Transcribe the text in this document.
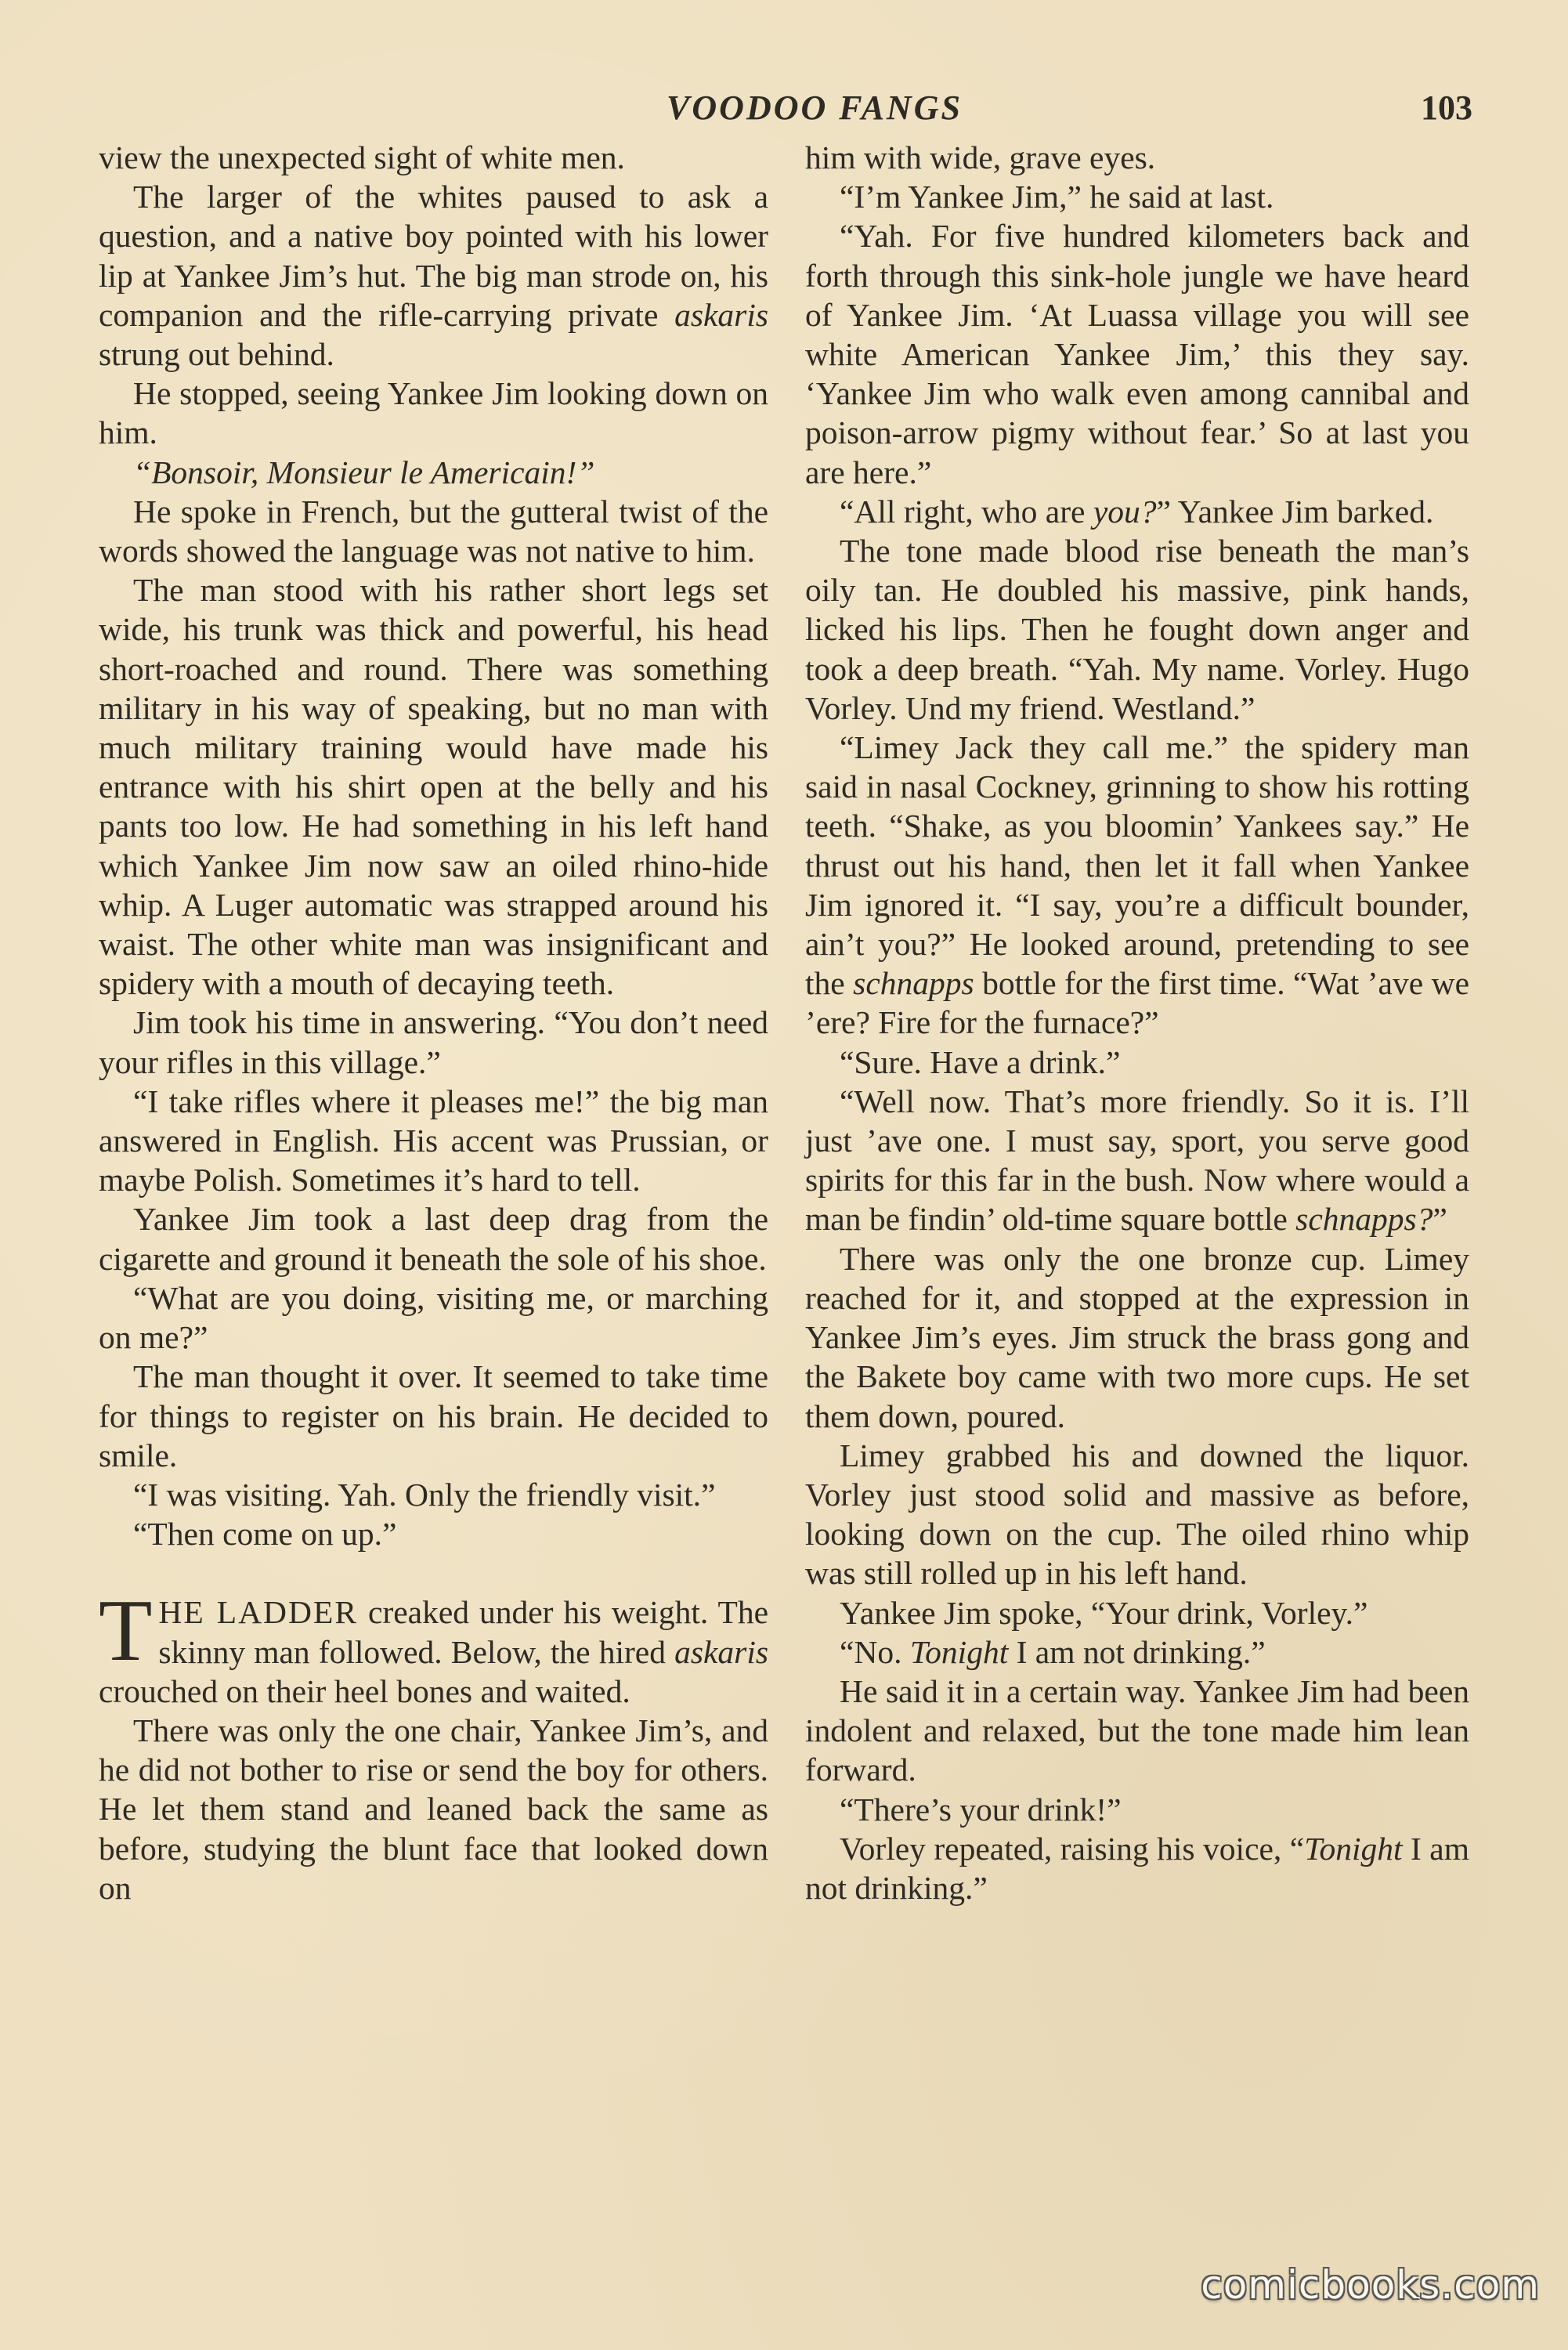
VOODOO FANGS	103

view the unexpected sight of white men.

The larger of the whites paused to ask a question, and a native boy pointed with his lower lip at Yankee Jim’s hut. The big man strode on, his companion and the rifle-carrying private askaris strung out behind.

He stopped, seeing Yankee Jim looking down on him.

“Bonsoir, Monsieur le Americain!”

He spoke in French, but the gutteral twist of the words showed the language was not native to him.

The man stood with his rather short legs set wide, his trunk was thick and powerful, his head short-roached and round. There was something military in his way of speaking, but no man with much military training would have made his entrance with his shirt open at the belly and his pants too low. He had something in his left hand which Yankee Jim now saw an oiled rhino-hide whip. A Luger automatic was strapped around his waist. The other white man was insignificant and spidery with a mouth of decaying teeth.

Jim took his time in answering. “You don’t need your rifles in this village.”

“I take rifles where it pleases me!” the big man answered in English. His accent was Prussian, or maybe Polish. Sometimes it’s hard to tell.

Yankee Jim took a last deep drag from the cigarette and ground it beneath the sole of his shoe.

“What are you doing, visiting me, or marching on me?”

The man thought it over. It seemed to take time for things to register on his brain. He decided to smile.

“I was visiting. Yah. Only the friendly visit.”

“Then come on up.”

THE LADDER creaked under his weight. The skinny man followed. Below, the hired askaris crouched on their heel bones and waited.

There was only the one chair, Yankee Jim’s, and he did not bother to rise or send the boy for others. He let them stand and leaned back the same as before, studying the blunt face that looked down on

him with wide, grave eyes.

“I’m Yankee Jim,” he said at last.

“Yah. For five hundred kilometers back and forth through this sink-hole jungle we have heard of Yankee Jim. ‘At Luassa village you will see white American Yankee Jim,’ this they say. ‘Yankee Jim who walk even among cannibal and poison-arrow pigmy without fear.’ So at last you are here.”

“All right, who are you?” Yankee Jim barked.

The tone made blood rise beneath the man’s oily tan. He doubled his massive, pink hands, licked his lips. Then he fought down anger and took a deep breath. “Yah. My name. Vorley. Hugo Vorley. Und my friend. Westland.”

“Limey Jack they call me.” the spidery man said in nasal Cockney, grinning to show his rotting teeth. “Shake, as you bloomin’ Yankees say.” He thrust out his hand, then let it fall when Yankee Jim ignored it. “I say, you’re a difficult bounder, ain’t you?” He looked around, pretending to see the schnapps bottle for the first time. “Wat ’ave we ’ere? Fire for the furnace?”

“Sure. Have a drink.”

“Well now. That’s more friendly. So it is. I’ll just ’ave one. I must say, sport, you serve good spirits for this far in the bush. Now where would a man be findin’ old-time square bottle schnapps?”

There was only the one bronze cup. Limey reached for it, and stopped at the expression in Yankee Jim’s eyes. Jim struck the brass gong and the Bakete boy came with two more cups. He set them down, poured.

Limey grabbed his and downed the liquor. Vorley just stood solid and massive as before, looking down on the cup. The oiled rhino whip was still rolled up in his left hand.

Yankee Jim spoke, “Your drink, Vorley.”

“No. Tonight I am not drinking.”

He said it in a certain way. Yankee Jim had been indolent and relaxed, but the tone made him lean forward.

“There’s your drink!”

Vorley repeated, raising his voice, “Tonight I am not drinking.”

comicbooks.com
